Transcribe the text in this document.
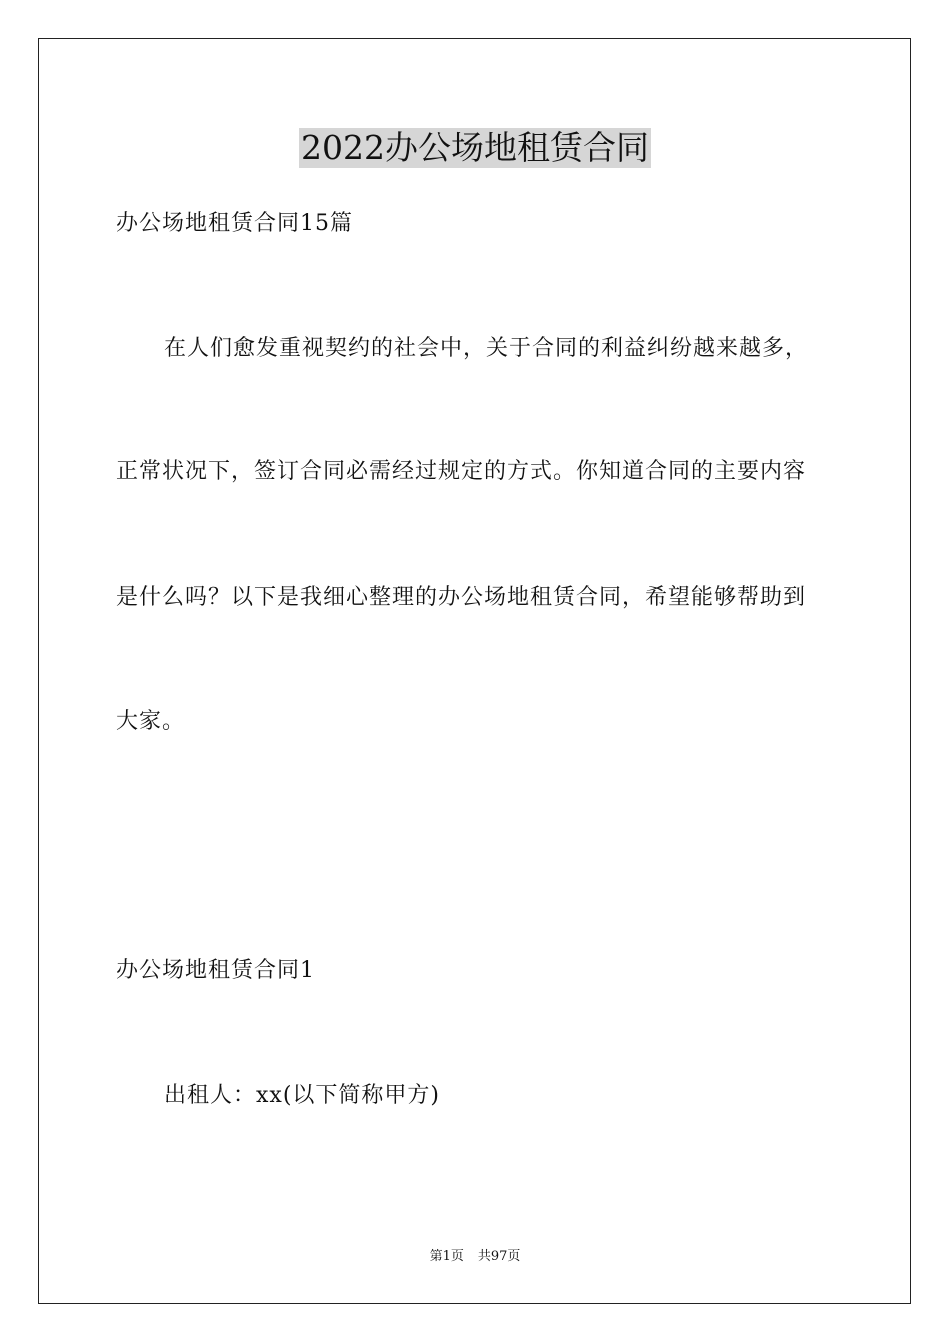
2022办公场地租赁合同
办公场地租赁合同15篇
在人们愈发重视契约的社会中，关于合同的利益纠纷越来越多，
正常状况下，签订合同必需经过规定的方式。你知道合同的主要内容
是什么吗？以下是我细心整理的办公场地租赁合同，希望能够帮助到
大家。
办公场地租赁合同1
出租人：xx(以下简称甲方)
第1页 共97页
